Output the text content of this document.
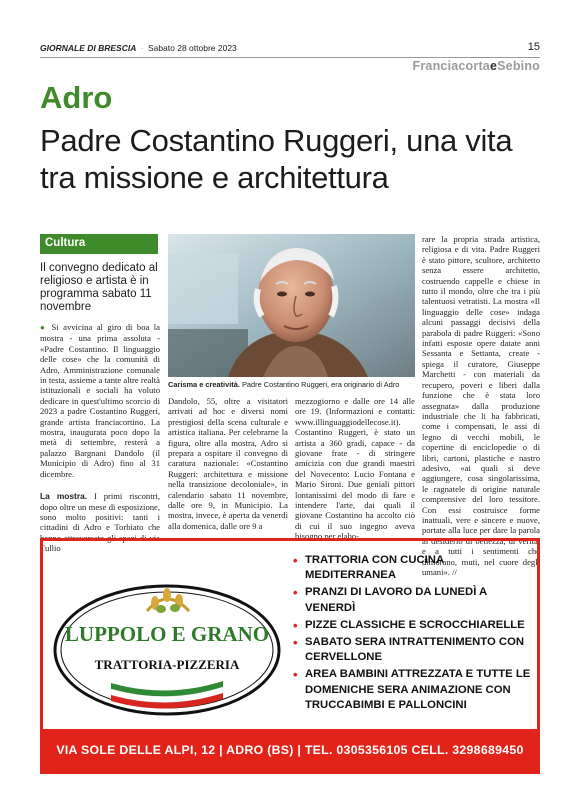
GIORNALE DI BRESCIA · Sabato 28 ottobre 2023	15
FranciacortaeSebino
Adro
Padre Costantino Ruggeri, una vita tra missione e architettura
Cultura
Il convegno dedicato al religioso e artista è in programma sabato 11 novembre

● Si avvicina al giro di boa la mostra - una prima assoluta - «Padre Costantino. Il linguaggio delle cose» che la comunità di Adro, Amministrazione comunale in testa, assieme a tante altre realtà istituzionali e sociali ha voluto dedicare in quest'ultimo scorcio di 2023 a padre Costantino Ruggeri, grande artista franciacortino. La mostra, inaugurata poco dopo la metà di settembre, resterà a palazzo Bargnani Dandolo (il Municipio di Adro) fino al 31 dicembre.

La mostra. I primi riscontri, dopo oltre un mese di esposizione, sono molto positivi: tanti i cittadini di Adro e Torbiato che hanno attraversato gli spazi di via Tullio

Carisma e creatività. Padre Costantino Ruggeri, era originario di Adro

Dandolo, 55, oltre a visitatori arrivati ad hoc e diversi nomi prestigiosi della scena culturale e artistica italiana. Per celebrarne la figura, oltre alla mostra, Adro si prepara a ospitare il convegno di caratura nazionale: «Costantino Ruggeri: architettura e missione nella transizione decoloniale», in calendario sabato 11 novembre, dalle ore 9, in Municipio. La mostra, invece, è aperta da venerdì alla domenica, dalle ore 9 a

mezzogiorno e dalle ore 14 alle ore 19. (Informazioni e contatti: www.illinguaggiodellecose.it). Costantino Ruggeri, è stato un artista a 360 gradi, capace - da giovane frate - di stringere amicizia con due grandi maestri del Novecento: Lucio Fontana e Mario Sironi. Due geniali pittori lontanissimi del modo di fare e intendere l'arte, dai quali il giovane Costantino ha accolto ciò di cui il suo ingegno aveva bisogno per elabo-

rare la propria strada artistica, religiosa e di vita. Padre Ruggeri è stato pittore, scultore, architetto senza essere architetto, costruendo cappelle e chiese in tutto il mondo, oltre che tra i più talentuosi vetratisti. La mostra «Il linguaggio delle cose» indaga alcuni passaggi decisivi della parabola di padre Ruggeri: «Sono infatti esposte opere datate anni Sessanta e Settanta, create - spiega il curatore, Giuseppe Marchetti - con materiali da recupero, poveri e liberi dalla funzione che è stata loro assegnata» dalla produzione industriale che li ha fabbricati, come i compensati, le assi di legno di vecchi mobili, le copertine di enciclopedie o di libri, cartoni, plastiche e nastro adesivo, «ai quali si deve aggiungere, cosa singolarissima, le ragnatele di origine naturale comprensive del loro tessitore. Con essi costruisce forme inattuali, vere e sincere e nuove, portate alla luce per dare la parola al desiderio di bellezza, di verità, e a tutti i sentimenti che dimorano, muti, nel cuore degli umani». //

LUPPOLO E GRANO
TRATTORIA-PIZZERIA
• TRATTORIA CON CUCINA MEDITERRANEA
• PRANZI DI LAVORO DA LUNEDÌ A VENERDÌ
• PIZZE CLASSICHE E SCROCCHIARELLE
• SABATO SERA INTRATTENIMENTO CON CERVELLONE
• AREA BAMBINI ATTREZZATA E TUTTE LE DOMENICHE SERA ANIMAZIONE CON TRUCCABIMBI E PALLONCINI
VIA SOLE DELLE ALPI, 12 | ADRO (BS) | TEL. 0305356105 CELL. 3298689450
